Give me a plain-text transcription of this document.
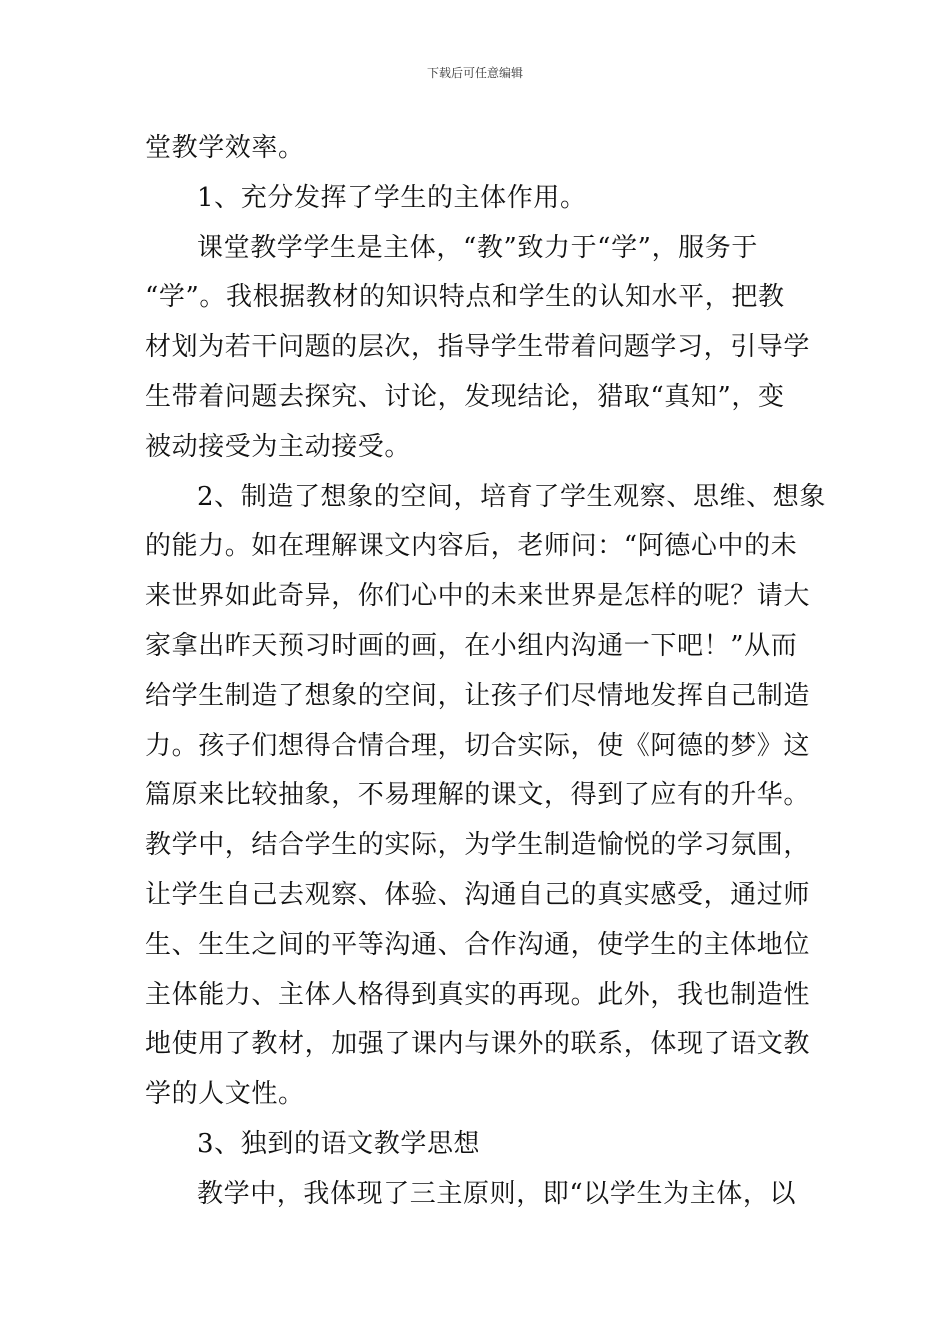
下载后可任意编辑
堂教学效率。
1、充分发挥了学生的主体作用。
课堂教学学生是主体，“教”致力于“学”，服务于
“学”。我根据教材的知识特点和学生的认知水平，把教
材划为若干问题的层次，指导学生带着问题学习，引导学
生带着问题去探究、讨论，发现结论，猎取“真知”，变
被动接受为主动接受。
2、制造了想象的空间，培育了学生观察、思维、想象
的能力。如在理解课文内容后，老师问：“阿德心中的未
来世界如此奇异，你们心中的未来世界是怎样的呢？请大
家拿出昨天预习时画的画，在小组内沟通一下吧！”从而
给学生制造了想象的空间，让孩子们尽情地发挥自己制造
力。孩子们想得合情合理，切合实际，使《阿德的梦》这
篇原来比较抽象，不易理解的课文，得到了应有的升华。
教学中，结合学生的实际，为学生制造愉悦的学习氛围，
让学生自己去观察、体验、沟通自己的真实感受，通过师
生、生生之间的平等沟通、合作沟通，使学生的主体地位
主体能力、主体人格得到真实的再现。此外，我也制造性
地使用了教材，加强了课内与课外的联系，体现了语文教
学的人文性。
3、独到的语文教学思想
教学中，我体现了三主原则，即“以学生为主体，以
